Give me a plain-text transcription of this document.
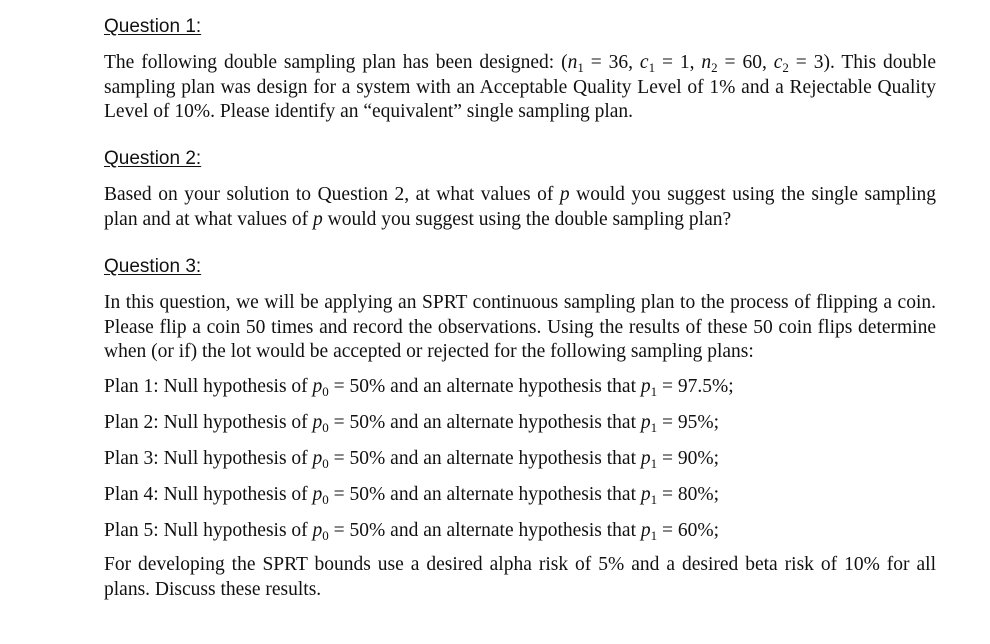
Question 1:

The following double sampling plan has been designed: ($n_1 = 36$, $c_1 = 1$, $n_2 = 60$, $c_2 = 3$). This double sampling plan was design for a system with an Acceptable Quality Level of 1% and a Rejectable Quality Level of 10%. Please identify an “equivalent” single sampling plan.

Question 2:

Based on your solution to Question 2, at what values of p would you suggest using the single sampling plan and at what values of p would you suggest using the double sampling plan?

Question 3:

In this question, we will be applying an SPRT continuous sampling plan to the process of flipping a coin. Please flip a coin 50 times and record the observations. Using the results of these 50 coin flips determine when (or if) the lot would be accepted or rejected for the following sampling plans:

Plan 1: Null hypothesis of $p_0 = 50\%$ and an alternate hypothesis that $p_1 = 97.5\%$;

Plan 2: Null hypothesis of $p_0 = 50\%$ and an alternate hypothesis that $p_1 = 95\%$;

Plan 3: Null hypothesis of $p_0 = 50\%$ and an alternate hypothesis that $p_1 = 90\%$;

Plan 4: Null hypothesis of $p_0 = 50\%$ and an alternate hypothesis that $p_1 = 80\%$;

Plan 5: Null hypothesis of $p_0 = 50\%$ and an alternate hypothesis that $p_1 = 60\%$;

For developing the SPRT bounds use a desired alpha risk of 5% and a desired beta risk of 10% for all plans. Discuss these results.
